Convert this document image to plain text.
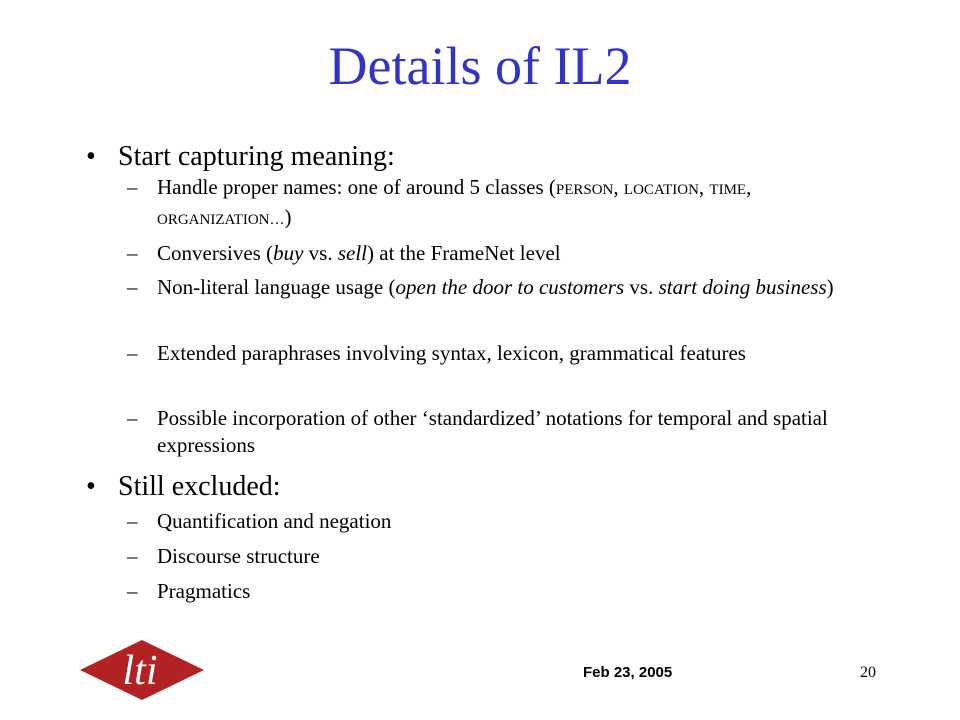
Details of IL2
• Start capturing meaning:
– Handle proper names: one of around 5 classes (PERSON, LOCATION, TIME, ORGANIZATION…)
– Conversives (buy vs. sell) at the FrameNet level
– Non-literal language usage (open the door to customers vs. start doing business)
– Extended paraphrases involving syntax, lexicon, grammatical features
– Possible incorporation of other ‘standardized’ notations for temporal and spatial expressions
• Still excluded:
– Quantification and negation
– Discourse structure
– Pragmatics
lti	Feb 23, 2005	20
